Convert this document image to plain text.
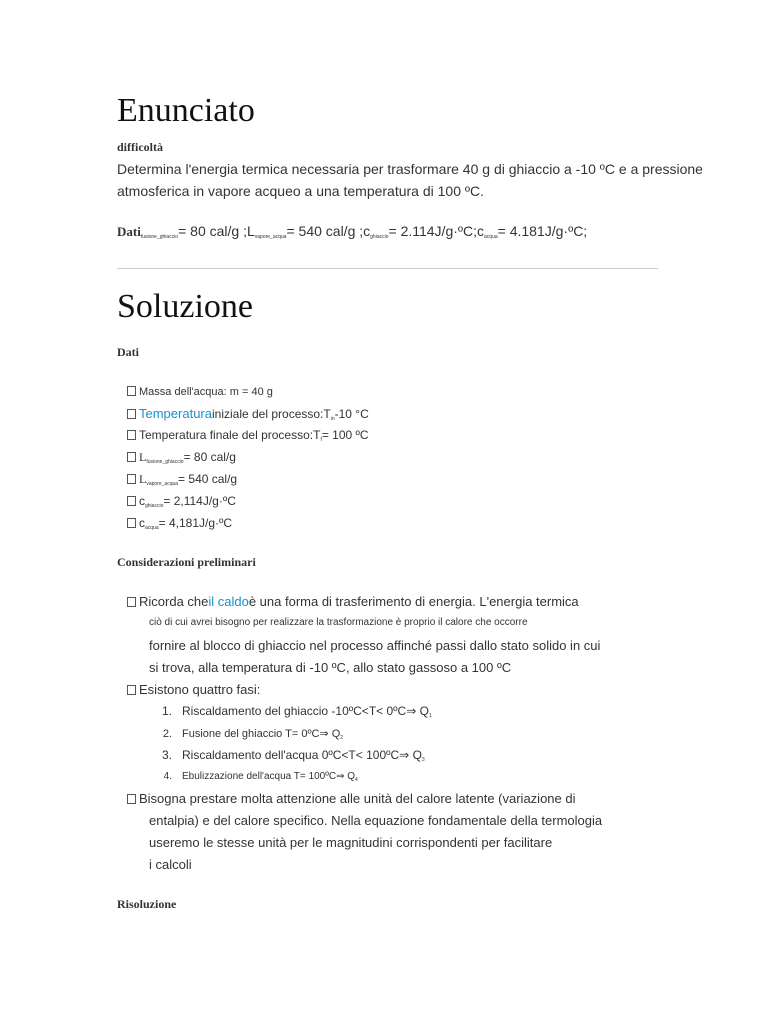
Enunciato
difficoltà
Determina l'energia termica necessaria per trasformare 40 g di ghiaccio a -10 ºC e a pressione
atmosferica in vapore acqueo a una temperatura di 100 ºC.
Datifusione_ghiaccio= 80 cal/g ;Lvapore_acqua= 540 cal/g ;cghiaccio= 2.114J/g·ºC;cacqua= 4.181J/g·ºC;
Soluzione
Dati
Massa dell'acqua: m = 40 g
Temperaturainiziale del processo:Tin-10 °C
Temperatura finale del processo:Tf= 100 ºC
Lfusione_ghiaccio= 80 cal/g
Lvapore_acqua= 540 cal/g
cghiaccio= 2,114J/g·ºC
cacqua= 4,181J/g·ºC
Considerazioni preliminari
Ricorda cheil caldoè una forma di trasferimento di energia. L'energia termica
ciò di cui avrei bisogno per realizzare la trasformazione è proprio il calore che occorre
fornire al blocco di ghiaccio nel processo affinché passi dallo stato solido in cui
si trova, alla temperatura di -10 ºC, allo stato gassoso a 100 ºC
Esistono quattro fasi:
1. Riscaldamento del ghiaccio -10ºC<T< 0ºC⇒ Q1
2. Fusione del ghiaccio T= 0ºC⇒ Q2
3. Riscaldamento dell'acqua 0ºC<T< 100ºC⇒ Q3
4. Ebulizzazione dell'acqua T= 100ºC⇒ $Q_4$
Bisogna prestare molta attenzione alle unità del calore latente (variazione di
entalpia) e del calore specifico. Nella equazione fondamentale della termologia
useremo le stesse unità per le magnitudini corrispondenti per facilitare
i calcoli
Risoluzione
